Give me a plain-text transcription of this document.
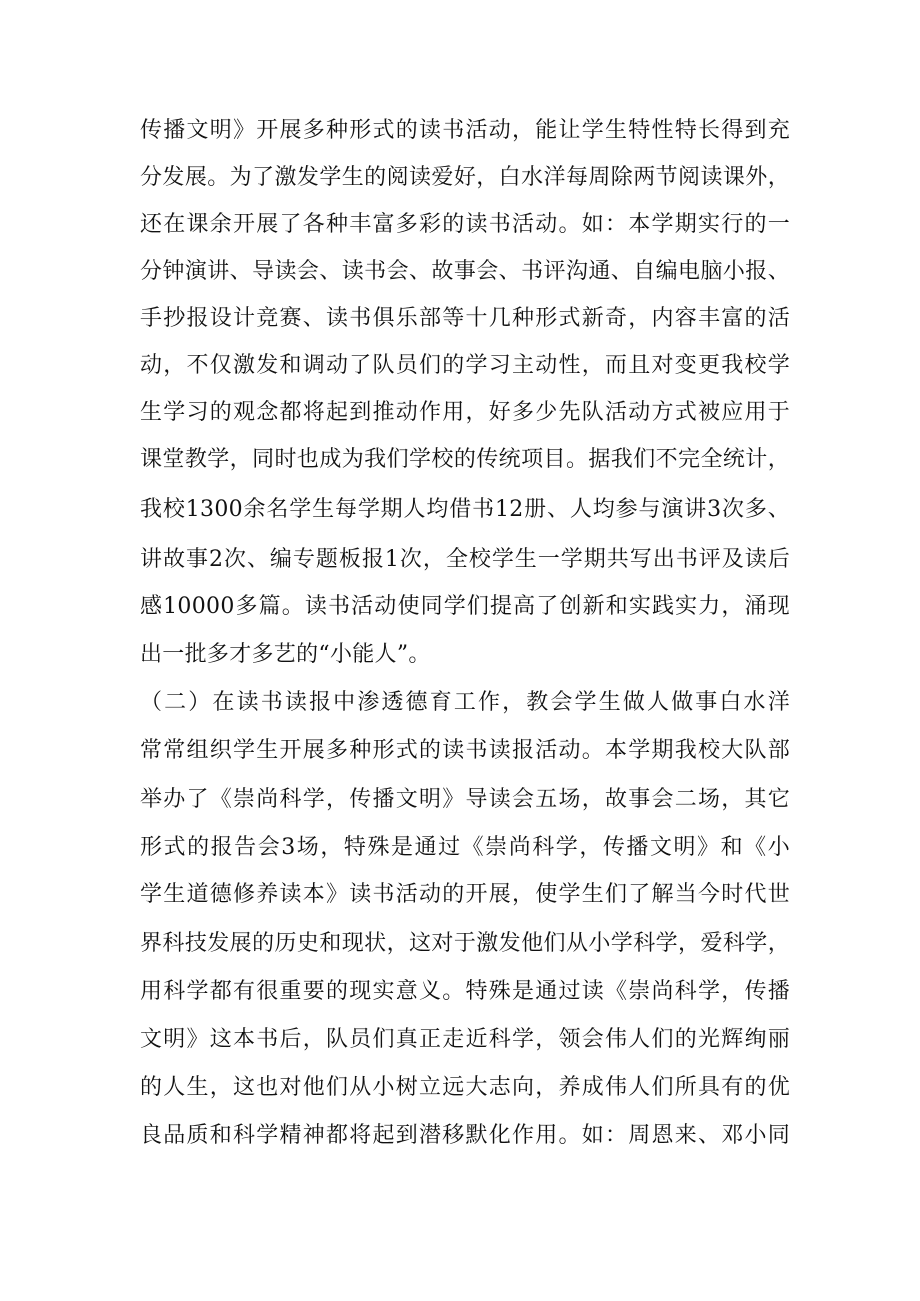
传播文明》开展多种形式的读书活动，能让学生特性特长得到充
分发展。为了激发学生的阅读爱好，白水洋每周除两节阅读课外，
还在课余开展了各种丰富多彩的读书活动。如：本学期实行的一
分钟演讲、导读会、读书会、故事会、书评沟通、自编电脑小报、
手抄报设计竞赛、读书俱乐部等十几种形式新奇，内容丰富的活
动，不仅激发和调动了队员们的学习主动性，而且对变更我校学
生学习的观念都将起到推动作用，好多少先队活动方式被应用于
课堂教学，同时也成为我们学校的传统项目。据我们不完全统计，
我校1300余名学生每学期人均借书12册、人均参与演讲3次多、
讲故事2次、编专题板报1次，全校学生一学期共写出书评及读后
感10000多篇。读书活动使同学们提高了创新和实践实力，涌现
出一批多才多艺的“小能人”。
（二）在读书读报中渗透德育工作，教会学生做人做事白水洋
常常组织学生开展多种形式的读书读报活动。本学期我校大队部
举办了《崇尚科学，传播文明》导读会五场，故事会二场，其它
形式的报告会3场，特殊是通过《崇尚科学，传播文明》和《小
学生道德修养读本》读书活动的开展，使学生们了解当今时代世
界科技发展的历史和现状，这对于激发他们从小学科学，爱科学，
用科学都有很重要的现实意义。特殊是通过读《崇尚科学，传播
文明》这本书后，队员们真正走近科学，领会伟人们的光辉绚丽
的人生，这也对他们从小树立远大志向，养成伟人们所具有的优
良品质和科学精神都将起到潜移默化作用。如：周恩来、邓小同
